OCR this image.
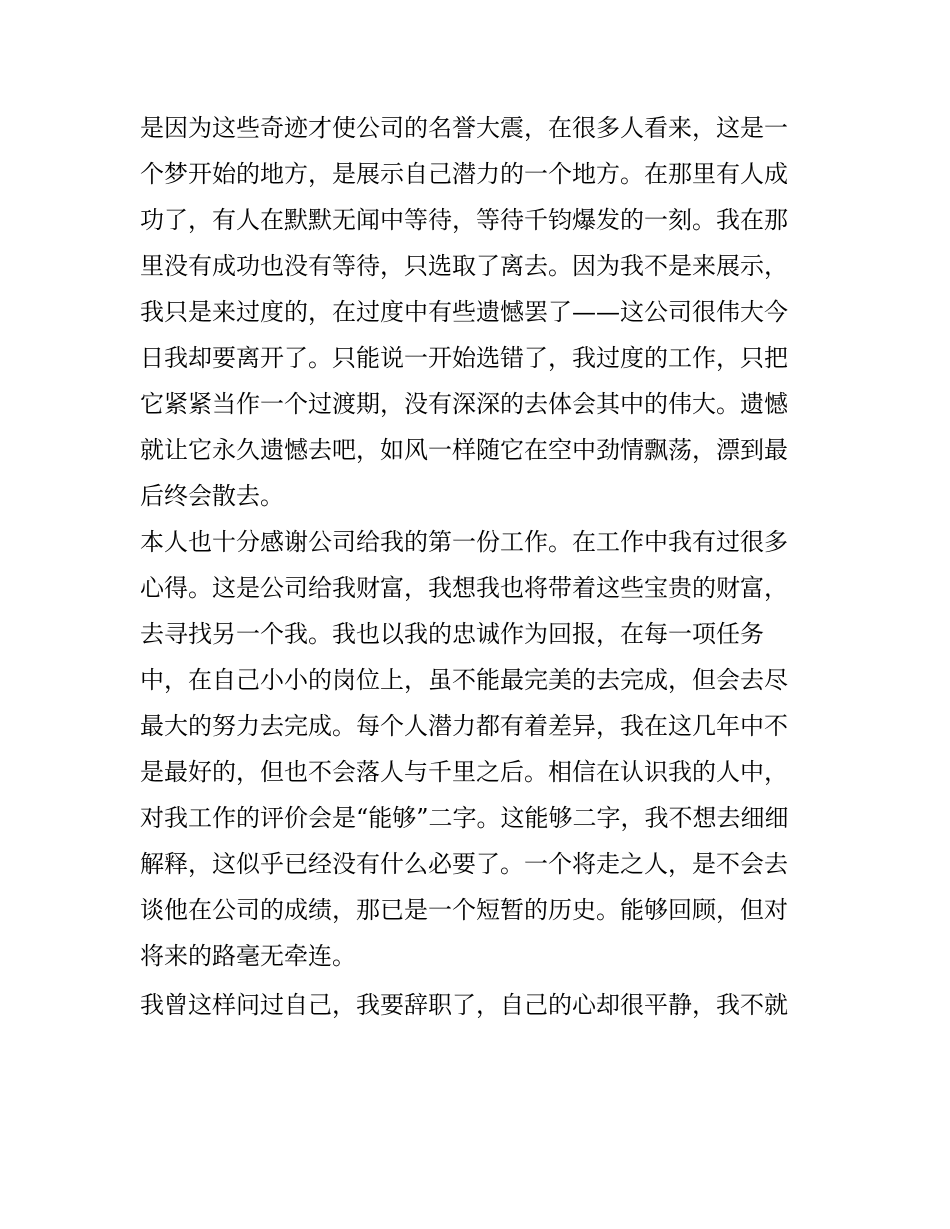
是因为这些奇迹才使公司的名誉大震，在很多人看来，这是一
个梦开始的地方，是展示自己潜力的一个地方。在那里有人成
功了，有人在默默无闻中等待，等待千钧爆发的一刻。我在那
里没有成功也没有等待，只选取了离去。因为我不是来展示，
我只是来过度的，在过度中有些遗憾罢了——这公司很伟大今
日我却要离开了。只能说一开始选错了，我过度的工作，只把
它紧紧当作一个过渡期，没有深深的去体会其中的伟大。遗憾
就让它永久遗憾去吧，如风一样随它在空中劲情飘荡，漂到最
后终会散去。
本人也十分感谢公司给我的第一份工作。在工作中我有过很多
心得。这是公司给我财富，我想我也将带着这些宝贵的财富，
去寻找另一个我。我也以我的忠诚作为回报，在每一项任务
中，在自己小小的岗位上，虽不能最完美的去完成，但会去尽
最大的努力去完成。每个人潜力都有着差异，我在这几年中不
是最好的，但也不会落人与千里之后。相信在认识我的人中，
对我工作的评价会是“能够”二字。这能够二字，我不想去细细
解释，这似乎已经没有什么必要了。一个将走之人，是不会去
谈他在公司的成绩，那已是一个短暂的历史。能够回顾，但对
将来的路毫无牵连。
我曾这样问过自己，我要辞职了，自己的心却很平静，我不就
